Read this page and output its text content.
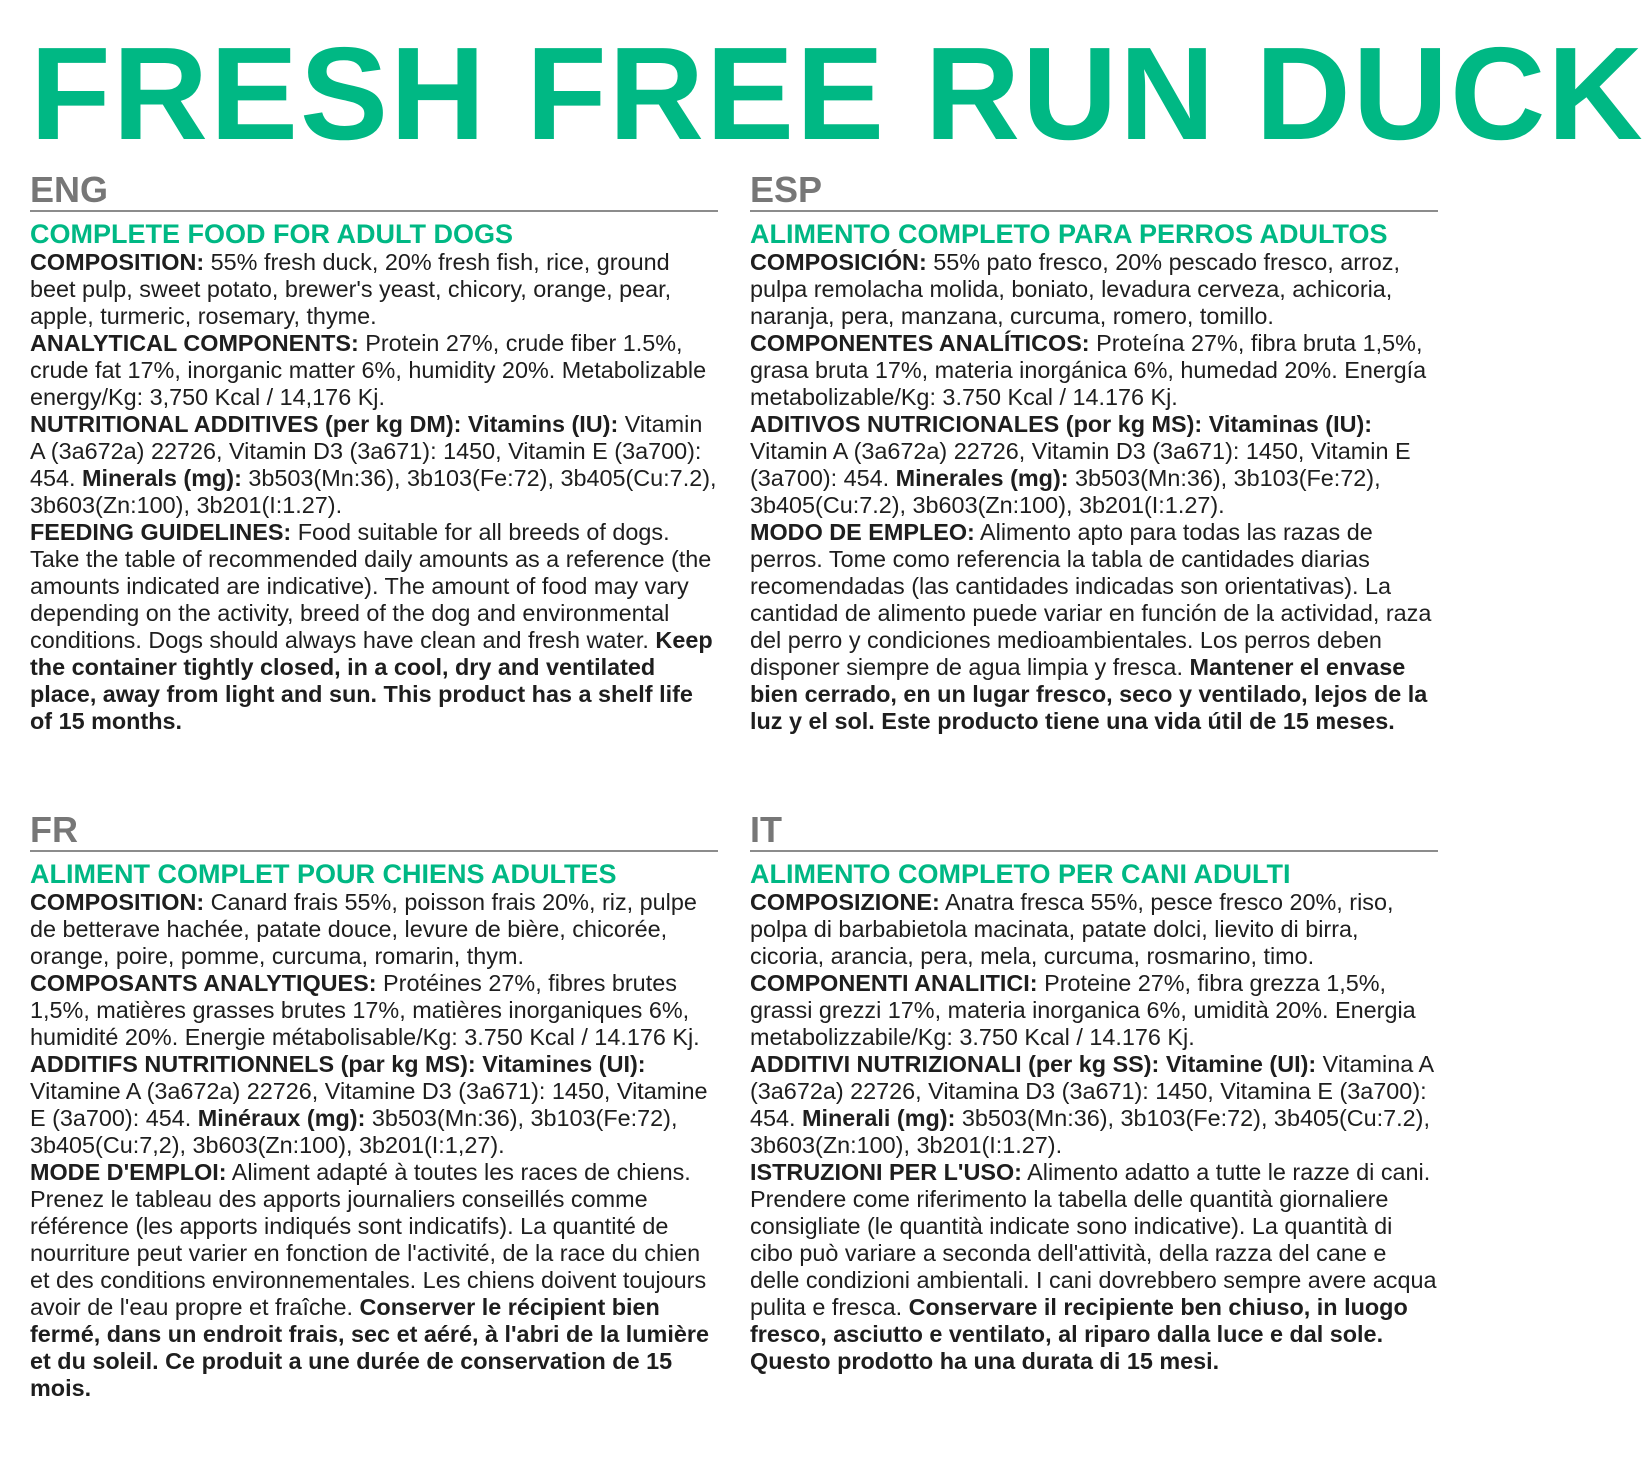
FRESH FREE RUN DUCK
ENG
COMPLETE FOOD FOR ADULT DOGS

COMPOSITION: 55% fresh duck, 20% fresh fish, rice, ground beet pulp, sweet potato, brewer's yeast, chicory, orange, pear, apple, turmeric, rosemary, thyme.
ANALYTICAL COMPONENTS: Protein 27%, crude fiber 1.5%, crude fat 17%, inorganic matter 6%, humidity 20%. Metabolizable energy/Kg: 3,750 Kcal / 14,176 Kj.
NUTRITIONAL ADDITIVES (per kg DM): Vitamins (IU): Vitamin A (3a672a) 22726, Vitamin D3 (3a671): 1450, Vitamin E (3a700): 454. Minerals (mg): 3b503(Mn:36), 3b103(Fe:72), 3b405(Cu:7.2), 3b603(Zn:100), 3b201(I:1.27).
FEEDING GUIDELINES: Food suitable for all breeds of dogs. Take the table of recommended daily amounts as a reference (the amounts indicated are indicative). The amount of food may vary depending on the activity, breed of the dog and environmental conditions. Dogs should always have clean and fresh water. Keep the container tightly closed, in a cool, dry and ventilated place, away from light and sun. This product has a shelf life of 15 months.

ESP
ALIMENTO COMPLETO PARA PERROS ADULTOS

COMPOSICIÓN: 55% pato fresco, 20% pescado fresco, arroz, pulpa remolacha molida, boniato, levadura cerveza, achicoria, naranja, pera, manzana, curcuma, romero, tomillo.
COMPONENTES ANALÍTICOS: Proteína 27%, fibra bruta 1,5%, grasa bruta 17%, materia inorgánica 6%, humedad 20%. Energía metabolizable/Kg: 3.750 Kcal / 14.176 Kj.
ADITIVOS NUTRICIONALES (por kg MS): Vitaminas (IU): Vitamin A (3a672a) 22726, Vitamin D3 (3a671): 1450, Vitamin E (3a700): 454. Minerales (mg): 3b503(Mn:36), 3b103(Fe:72), 3b405(Cu:7.2), 3b603(Zn:100), 3b201(I:1.27).
MODO DE EMPLEO: Alimento apto para todas las razas de perros. Tome como referencia la tabla de cantidades diarias recomendadas (las cantidades indicadas son orientativas). La cantidad de alimento puede variar en función de la actividad, raza del perro y condiciones medioambientales. Los perros deben disponer siempre de agua limpia y fresca. Mantener el envase bien cerrado, en un lugar fresco, seco y ventilado, lejos de la luz y el sol. Este producto tiene una vida útil de 15 meses.

FR
ALIMENT COMPLET POUR CHIENS ADULTES

COMPOSITION: Canard frais 55%, poisson frais 20%, riz, pulpe de betterave hachée, patate douce, levure de bière, chicorée, orange, poire, pomme, curcuma, romarin, thym.
COMPOSANTS ANALYTIQUES: Protéines 27%, fibres brutes 1,5%, matières grasses brutes 17%, matières inorganiques 6%, humidité 20%. Energie métabolisable/Kg: 3.750 Kcal / 14.176 Kj.
ADDITIFS NUTRITIONNELS (par kg MS): Vitamines (UI): Vitamine A (3a672a) 22726, Vitamine D3 (3a671): 1450, Vitamine E (3a700): 454. Minéraux (mg): 3b503(Mn:36), 3b103(Fe:72), 3b405(Cu:7,2), 3b603(Zn:100), 3b201(I:1,27).
MODE D'EMPLOI: Aliment adapté à toutes les races de chiens. Prenez le tableau des apports journaliers conseillés comme référence (les apports indiqués sont indicatifs). La quantité de nourriture peut varier en fonction de l'activité, de la race du chien et des conditions environnementales. Les chiens doivent toujours avoir de l'eau propre et fraîche. Conserver le récipient bien fermé, dans un endroit frais, sec et aéré, à l'abri de la lumière et du soleil. Ce produit a une durée de conservation de 15 mois.

IT
ALIMENTO COMPLETO PER CANI ADULTI

COMPOSIZIONE: Anatra fresca 55%, pesce fresco 20%, riso, polpa di barbabietola macinata, patate dolci, lievito di birra, cicoria, arancia, pera, mela, curcuma, rosmarino, timo.
COMPONENTI ANALITICI: Proteine 27%, fibra grezza 1,5%, grassi grezzi 17%, materia inorganica 6%, umidità 20%. Energia metabolizzabile/Kg: 3.750 Kcal / 14.176 Kj.
ADDITIVI NUTRIZIONALI (per kg SS): Vitamine (UI): Vitamina A (3a672a) 22726, Vitamina D3 (3a671): 1450, Vitamina E (3a700): 454. Minerali (mg): 3b503(Mn:36), 3b103(Fe:72), 3b405(Cu:7.2), 3b603(Zn:100), 3b201(I:1.27).
ISTRUZIONI PER L'USO: Alimento adatto a tutte le razze di cani. Prendere come riferimento la tabella delle quantità giornaliere consigliate (le quantità indicate sono indicative). La quantità di cibo può variare a seconda dell'attività, della razza del cane e delle condizioni ambientali. I cani dovrebbero sempre avere acqua pulita e fresca. Conservare il recipiente ben chiuso, in luogo fresco, asciutto e ventilato, al riparo dalla luce e dal sole. Questo prodotto ha una durata di 15 mesi.
